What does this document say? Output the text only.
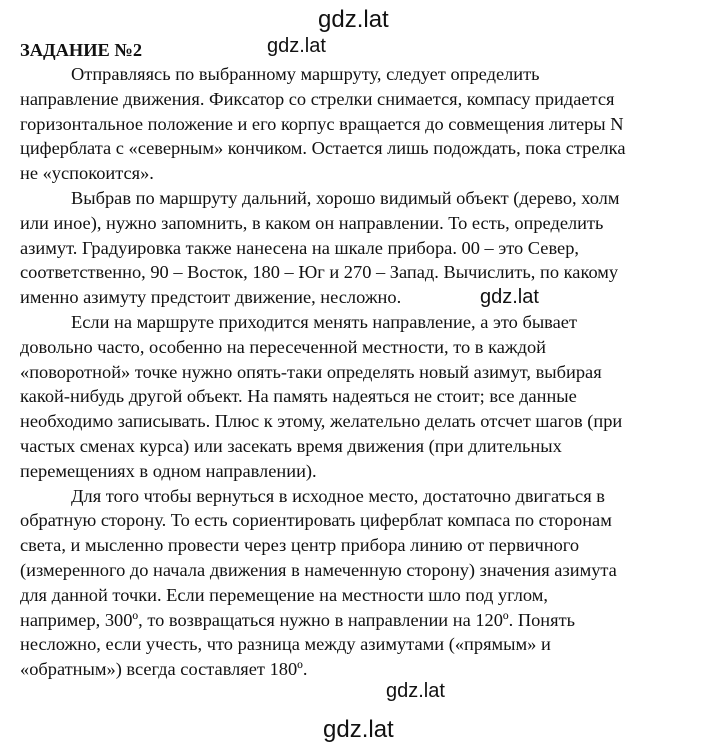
ЗАДАНИЕ №2
Отправляясь по выбранному маршруту, следует определить
направление движения. Фиксатор со стрелки снимается, компасу придается
горизонтальное положение и его корпус вращается до совмещения литеры N
циферблата с «северным» кончиком. Остается лишь подождать, пока стрелка
не «успокоится».
Выбрав по маршруту дальний, хорошо видимый объект (дерево, холм
или иное), нужно запомнить, в каком он направлении. То есть, определить
азимут. Градуировка также нанесена на шкале прибора. 00 – это Север,
соответственно, 90 – Восток, 180 – Юг и 270 – Запад. Вычислить, по какому
именно азимуту предстоит движение, несложно.
Если на маршруте приходится менять направление, а это бывает
довольно часто, особенно на пересеченной местности, то в каждой
«поворотной» точке нужно опять-таки определять новый азимут, выбирая
какой-нибудь другой объект. На память надеяться не стоит; все данные
необходимо записывать. Плюс к этому, желательно делать отсчет шагов (при
частых сменах курса) или засекать время движения (при длительных
перемещениях в одном направлении).
Для того чтобы вернуться в исходное место, достаточно двигаться в
обратную сторону. То есть сориентировать циферблат компаса по сторонам
света, и мысленно провести через центр прибора линию от первичного
(измеренного до начала движения в намеченную сторону) значения азимута
для данной точки. Если перемещение на местности шло под углом,
например, 300º, то возвращаться нужно в направлении на 120º. Понять
несложно, если учесть, что разница между азимутами («прямым» и
«обратным») всегда составляет 180º.
gdz.lat
gdz.lat
gdz.lat
gdz.lat
gdz.lat
